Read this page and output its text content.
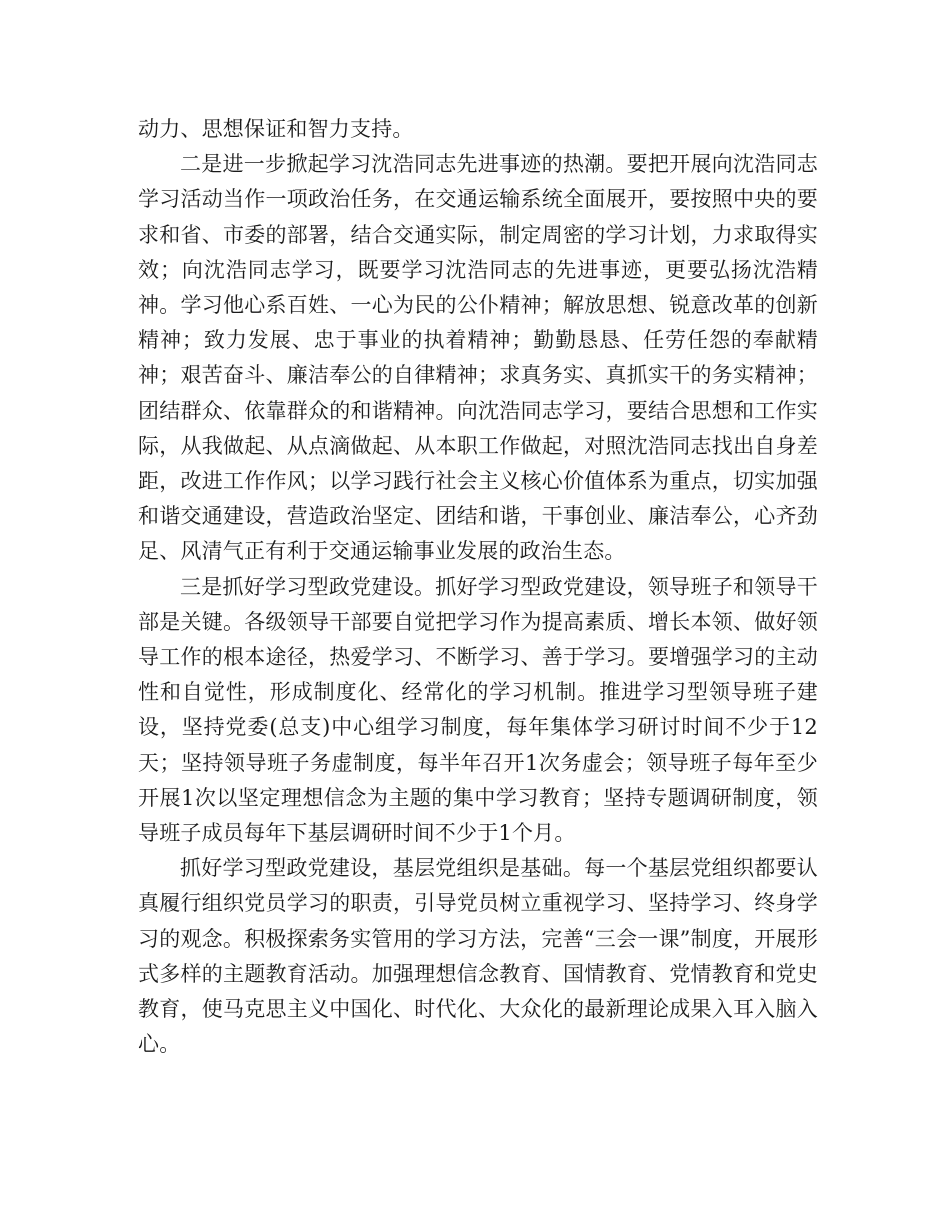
动力、思想保证和智力支持。

二是进一步掀起学习沈浩同志先进事迹的热潮。要把开展向沈浩同志学习活动当作一项政治任务，在交通运输系统全面展开，要按照中央的要求和省、市委的部署，结合交通实际，制定周密的学习计划，力求取得实效；向沈浩同志学习，既要学习沈浩同志的先进事迹，更要弘扬沈浩精神。学习他心系百姓、一心为民的公仆精神；解放思想、锐意改革的创新精神；致力发展、忠于事业的执着精神；勤勤恳恳、任劳任怨的奉献精神；艰苦奋斗、廉洁奉公的自律精神；求真务实、真抓实干的务实精神；团结群众、依靠群众的和谐精神。向沈浩同志学习，要结合思想和工作实际，从我做起、从点滴做起、从本职工作做起，对照沈浩同志找出自身差距，改进工作作风；以学习践行社会主义核心价值体系为重点，切实加强和谐交通建设，营造政治坚定、团结和谐，干事创业、廉洁奉公，心齐劲足、风清气正有利于交通运输事业发展的政治生态。

三是抓好学习型政党建设。抓好学习型政党建设，领导班子和领导干部是关键。各级领导干部要自觉把学习作为提高素质、增长本领、做好领导工作的根本途径，热爱学习、不断学习、善于学习。要增强学习的主动性和自觉性，形成制度化、经常化的学习机制。推进学习型领导班子建设，坚持党委(总支)中心组学习制度，每年集体学习研讨时间不少于12天；坚持领导班子务虚制度，每半年召开1次务虚会；领导班子每年至少开展1次以坚定理想信念为主题的集中学习教育；坚持专题调研制度，领导班子成员每年下基层调研时间不少于1个月。

抓好学习型政党建设，基层党组织是基础。每一个基层党组织都要认真履行组织党员学习的职责，引导党员树立重视学习、坚持学习、终身学习的观念。积极探索务实管用的学习方法，完善“三会一课”制度，开展形式多样的主题教育活动。加强理想信念教育、国情教育、党情教育和党史教育，使马克思主义中国化、时代化、大众化的最新理论成果入耳入脑入心。
